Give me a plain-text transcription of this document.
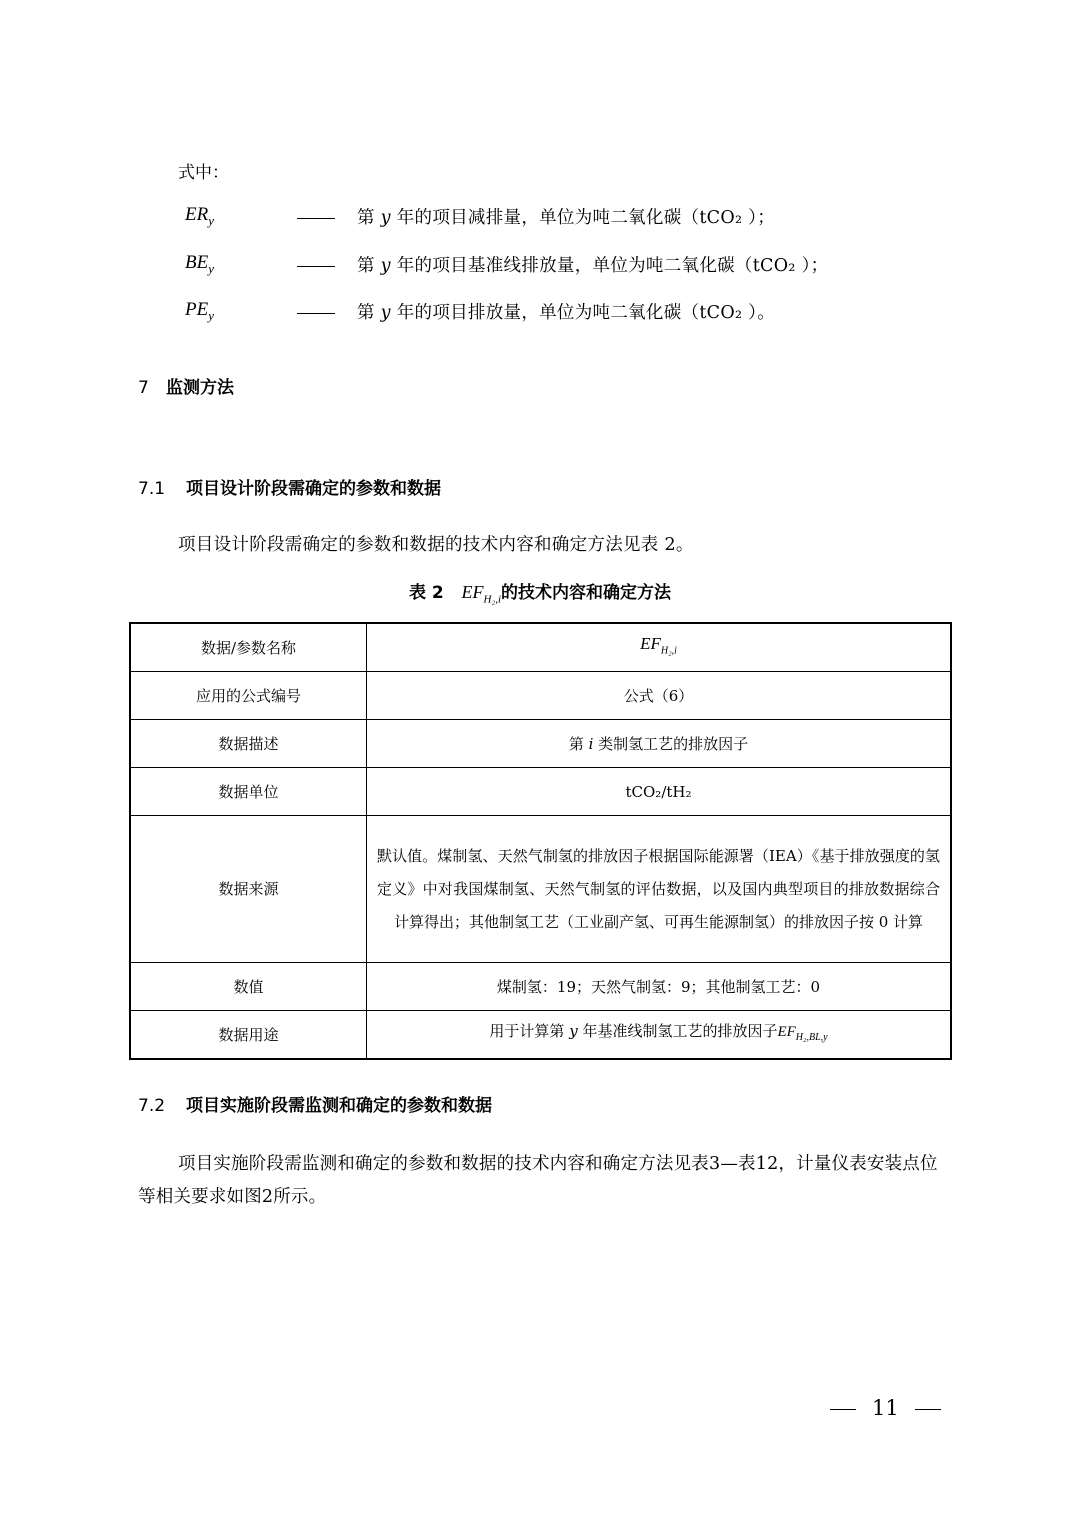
式中：
$ER_y$	第 y 年的项目减排量，单位为吨二氧化碳（tCO₂ ）；
$BE_y$	第 y 年的项目基准线排放量，单位为吨二氧化碳（tCO₂ ）；
$PE_y$	第 y 年的项目排放量，单位为吨二氧化碳（tCO₂ ）。
7 监测方法
7.1 项目设计阶段需确定的参数和数据
项目设计阶段需确定的参数和数据的技术内容和确定方法见表 2。
表 2 $EF_{H_2,i}$的技术内容和确定方法
数据/参数名称	$EF_{H_2,i}$
应用的公式编号	公式（6）
数据描述	第 i 类制氢工艺的排放因子
数据单位	tCO₂/tH₂
数据来源	默认值。煤制氢、天然气制氢的排放因子根据国际能源署（IEA）《基于排放强度的氢定义》中对我国煤制氢、天然气制氢的评估数据，以及国内典型项目的排放数据综合计算得出；其他制氢工艺（工业副产氢、可再生能源制氢）的排放因子按 0 计算
数值	煤制氢：19；天然气制氢：9；其他制氢工艺：0
数据用途	用于计算第 y 年基准线制氢工艺的排放因子$EF_{H_2,BL,y}$
7.2 项目实施阶段需监测和确定的参数和数据
项目实施阶段需监测和确定的参数和数据的技术内容和确定方法见表3—表12，计量仪表安装点位等相关要求如图2所示。
11
